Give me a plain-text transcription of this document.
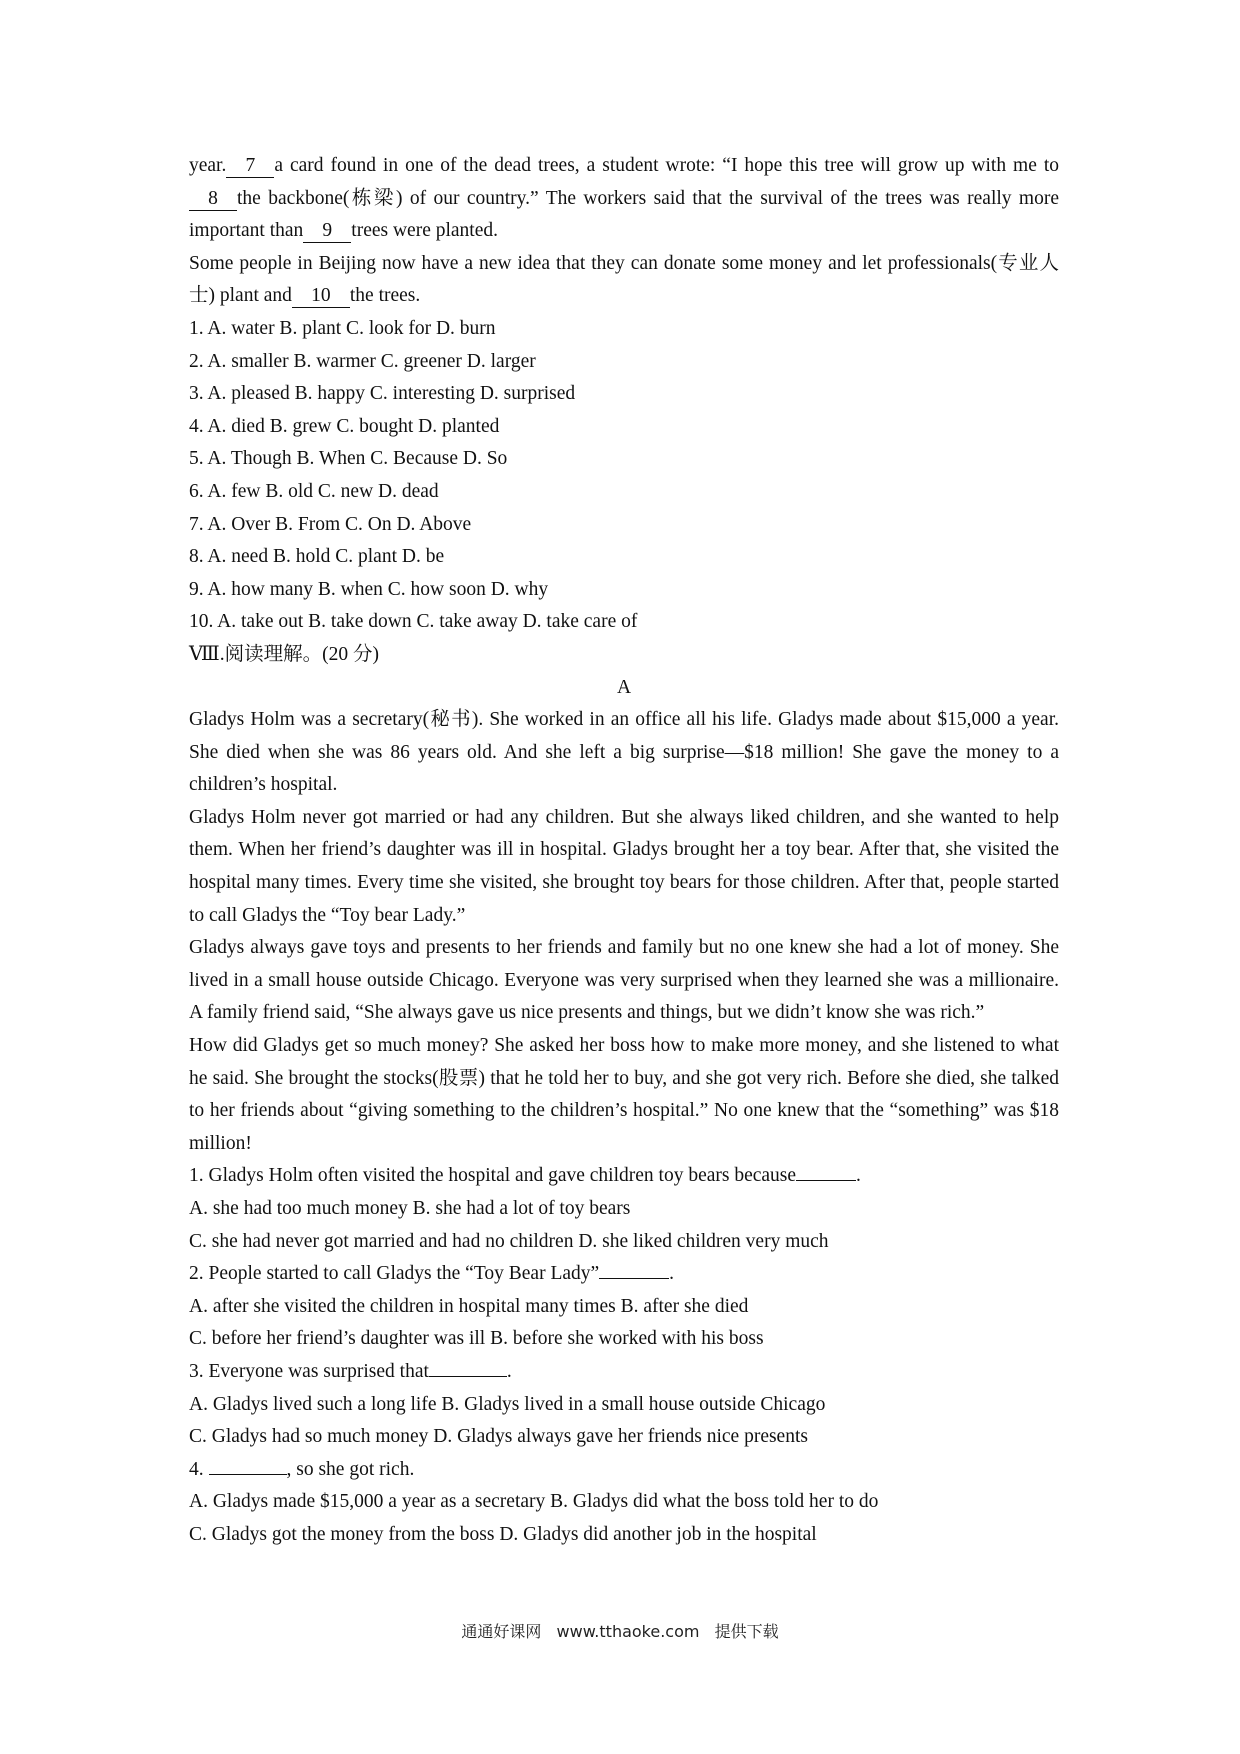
year. 7 a card found in one of the dead trees, a student wrote: “I hope this tree will grow up with me to8 the backbone(栋梁) of our country.” The workers said that the survival of the trees was really more important than 9 trees were planted.

Some people in Beijing now have a new idea that they can donate some money and let professionals(专业人士) plant and 10 the trees.

1. A. water B. plant C. look for D. burn

2. A. smaller B. warmer C. greener D. larger

3. A. pleased B. happy C. interesting D. surprised

4. A. died B. grew C. bought D. planted

5. A. Though B. When C. Because D. So

6. A. few B. old C. new D. dead

7. A. Over B. From C. On D. Above

8. A. need B. hold C. plant D. be

9. A. how many B. when C. how soon D. why

10. A. take out B. take down C. take away D. take care of

Ⅷ.阅读理解。(20 分)

A

Gladys Holm was a secretary(秘书). She worked in an office all his life. Gladys made about $15,000 a year. She died when she was 86 years old. And she left a big surprise—$18 million! She gave the money to a children’s hospital.

Gladys Holm never got married or had any children. But she always liked children, and she wanted to help them. When her friend’s daughter was ill in hospital. Gladys brought her a toy bear. After that, she visited the hospital many times. Every time she visited, she brought toy bears for those children. After that, people started to call Gladys the “Toy bear Lady.”

Gladys always gave toys and presents to her friends and family but no one knew she had a lot of money. She lived in a small house outside Chicago. Everyone was very surprised when they learned she was a millionaire. A family friend said, “She always gave us nice presents and things, but we didn’t know she was rich.”

How did Gladys get so much money? She asked her boss how to make more money, and she listened to what he said. She brought the stocks(股票) that he told her to buy, and she got very rich. Before she died, she talked to her friends about “giving something to the children’s hospital.” No one knew that the “something” was $18 million!

1. Gladys Holm often visited the hospital and gave children toy bears because	.

A. she had too much money B. she had a lot of toy bears

C. she had never got married and had no children D. she liked children very much

2. People started to call Gladys the “Toy Bear Lady”	.

A. after she visited the children in hospital many times B. after she died

C. before her friend’s daughter was ill B. before she worked with his boss

3. Everyone was surprised that	.

A. Gladys lived such a long life B. Gladys lived in a small house outside Chicago

C. Gladys had so much money D. Gladys always gave her friends nice presents

4.	, so she got rich.

A. Gladys made $15,000 a year as a secretary B. Gladys did what the boss told her to do

C. Gladys got the money from the boss D. Gladys did another job in the hospital

通通好课网 www.tthaoke.com 提供下载
